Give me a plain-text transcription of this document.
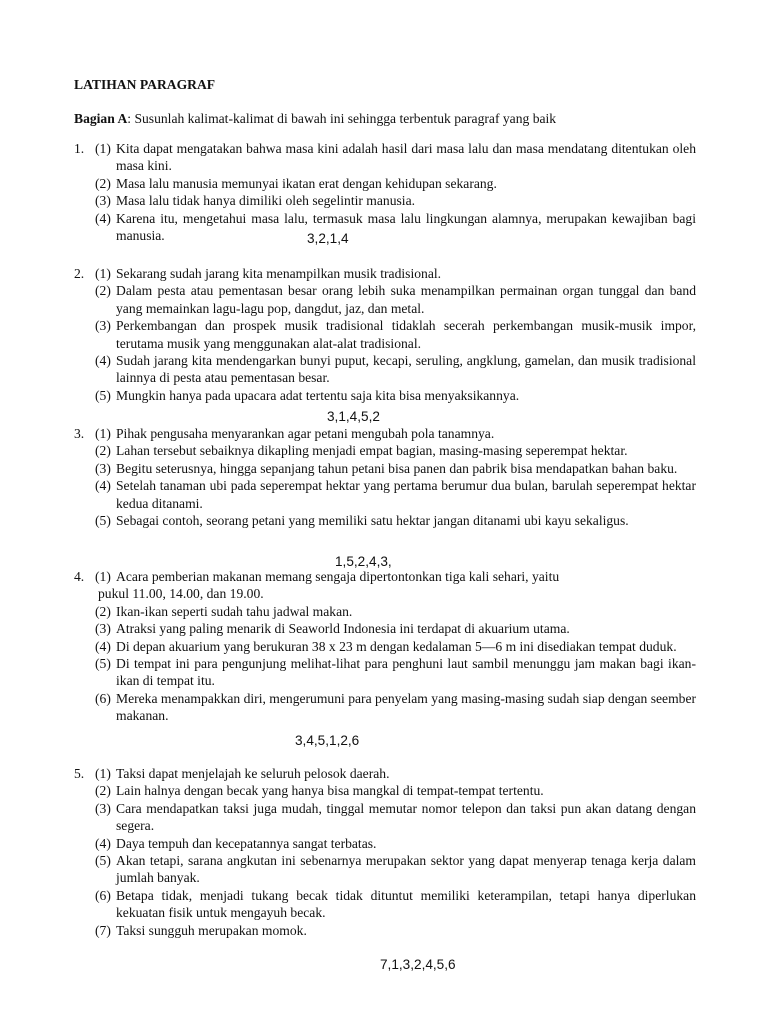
LATIHAN PARAGRAF
Bagian A: Susunlah kalimat-kalimat di bawah ini sehingga terbentuk paragraf yang baik
1. (1) Kita dapat mengatakan bahwa masa kini adalah hasil dari masa lalu dan masa mendatang ditentukan oleh masa kini.
(2) Masa lalu manusia memunyai ikatan erat dengan kehidupan sekarang.
(3) Masa lalu tidak hanya dimiliki oleh segelintir manusia.
(4) Karena itu, mengetahui masa lalu, termasuk masa lalu lingkungan alamnya, merupakan kewajiban bagi manusia.	3,2,1,4
2. (1) Sekarang sudah jarang kita menampilkan musik tradisional.
(2) Dalam pesta atau pementasan besar orang lebih suka menampilkan permainan organ tunggal dan band yang memainkan lagu-lagu pop, dangdut, jaz, dan metal.
(3) Perkembangan dan prospek musik tradisional tidaklah secerah perkembangan musik-musik impor, terutama musik yang menggunakan alat-alat tradisional.
(4) Sudah jarang kita mendengarkan bunyi puput, kecapi, seruling, angklung, gamelan, dan musik tradisional lainnya di pesta atau pementasan besar.
(5) Mungkin hanya pada upacara adat tertentu saja kita bisa menyaksikannya.
3,1,4,5,2
3. (1) Pihak pengusaha menyarankan agar petani mengubah pola tanamnya.
(2) Lahan tersebut sebaiknya dikapling menjadi empat bagian, masing-masing seperempat hektar.
(3) Begitu seterusnya, hingga sepanjang tahun petani bisa panen dan pabrik bisa mendapatkan bahan baku.
(4) Setelah tanaman ubi pada seperempat hektar yang pertama berumur dua bulan, barulah seperempat hektar kedua ditanami.
(5) Sebagai contoh, seorang petani yang memiliki satu hektar jangan ditanami ubi kayu sekaligus.
1,5,2,4,3,
4. (1) Acara pemberian makanan memang sengaja dipertontonkan tiga kali sehari, yaitu
pukul 11.00, 14.00, dan 19.00.
(2) Ikan-ikan seperti sudah tahu jadwal makan.
(3) Atraksi yang paling menarik di Seaworld Indonesia ini terdapat di akuarium utama.
(4) Di depan akuarium yang berukuran 38 x 23 m dengan kedalaman 5—6 m ini disediakan tempat duduk.
(5) Di tempat ini para pengunjung melihat-lihat para penghuni laut sambil menunggu jam makan bagi ikan-ikan di tempat itu.
(6) Mereka menampakkan diri, mengerumuni para penyelam yang masing-masing sudah siap dengan seember makanan.
3,4,5,1,2,6
5. (1) Taksi dapat menjelajah ke seluruh pelosok daerah.
(2) Lain halnya dengan becak yang hanya bisa mangkal di tempat-tempat tertentu.
(3) Cara mendapatkan taksi juga mudah, tinggal memutar nomor telepon dan taksi pun akan datang dengan segera.
(4) Daya tempuh dan kecepatannya sangat terbatas.
(5) Akan tetapi, sarana angkutan ini sebenarnya merupakan sektor yang dapat menyerap tenaga kerja dalam jumlah banyak.
(6) Betapa tidak, menjadi tukang becak tidak dituntut memiliki keterampilan, tetapi hanya diperlukan kekuatan fisik untuk mengayuh becak.
(7) Taksi sungguh merupakan momok.
7,1,3,2,4,5,6
